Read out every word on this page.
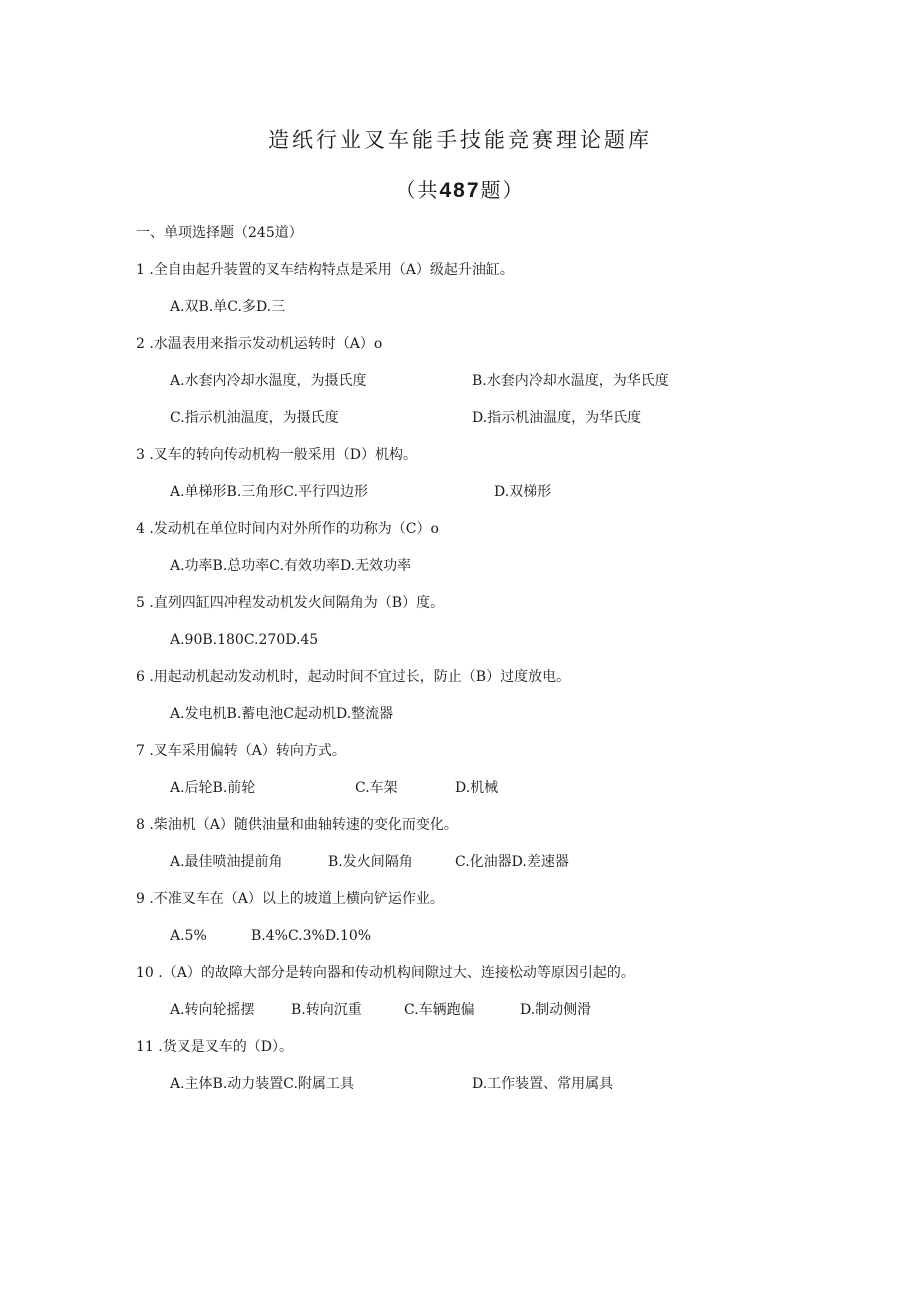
造纸行业叉车能手技能竞赛理论题库
（共487题）
一、单项选择题（245道）
1 .全自由起升装置的叉车结构特点是采用（A）级起升油缸。
A.双B.单C.多D.三
2 .水温表用来指示发动机运转时（A）o
A.水套内冷却水温度，为摄氏度	B.水套内冷却水温度，为华氏度
C.指示机油温度，为摄氏度	D.指示机油温度，为华氏度
3 .叉车的转向传动机构一般采用（D）机构。
A.单梯形B.三角形C.平行四边形	D.双梯形
4 .发动机在单位时间内对外所作的功称为（C）o
A.功率B.总功率C.有效功率D.无效功率
5 .直列四缸四冲程发动机发火间隔角为（B）度。
A.90B.180C.270D.45
6 .用起动机起动发动机时，起动时间不宜过长，防止（B）过度放电。
A.发电机B.蓄电池C起动机D.整流器
7 .叉车采用偏转（A）转向方式。
A.后轮B.前轮	C.车架	D.机械
8 .柴油机（A）随供油量和曲轴转速的变化而变化。
A.最佳喷油提前角	B.发火间隔角	C.化油器D.差速器
9 .不准叉车在（A）以上的坡道上横向铲运作业。
A.5%	B.4%C.3%D.10%
10 .（A）的故障大部分是转向器和传动机构间隙过大、连接松动等原因引起的。
A.转向轮摇摆	B.转向沉重	C.车辆跑偏	D.制动侧滑
11 .货叉是叉车的（D）。
A.主体B.动力装置C.附属工具	D.工作装置、常用属具
